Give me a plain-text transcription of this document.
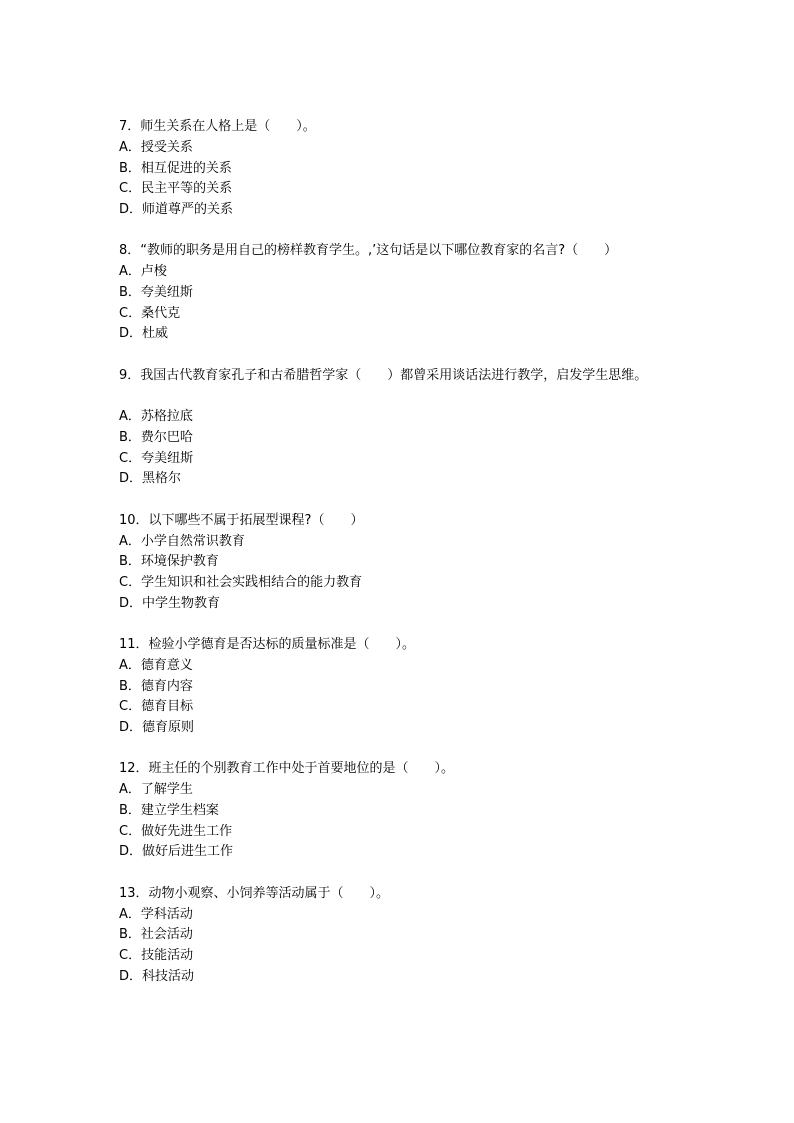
7．师生关系在人格上是（　　）。
A．授受关系
B．相互促进的关系
C．民主平等的关系
D．师道尊严的关系
8．“教师的职务是用自己的榜样教育学生。,’这句话是以下哪位教育家的名言?（　　）
A．卢梭
B．夸美纽斯
C．桑代克
D．杜威
9．我国古代教育家孔子和古希腊哲学家（　　）都曾采用谈话法进行教学，启发学生思维。
A．苏格拉底
B．费尔巴哈
C．夸美纽斯
D．黑格尔
10．以下哪些不属于拓展型课程?（　　）
A．小学自然常识教育
B．环境保护教育
C．学生知识和社会实践相结合的能力教育
D．中学生物教育
11．检验小学德育是否达标的质量标准是（　　）。
A．德育意义
B．德育内容
C．德育目标
D．德育原则
12．班主任的个别教育工作中处于首要地位的是（　　）。
A．了解学生
B．建立学生档案
C．做好先进生工作
D．做好后进生工作
13．动物小观察、小饲养等活动属于（　　）。
A．学科活动
B．社会活动
C．技能活动
D．科技活动
